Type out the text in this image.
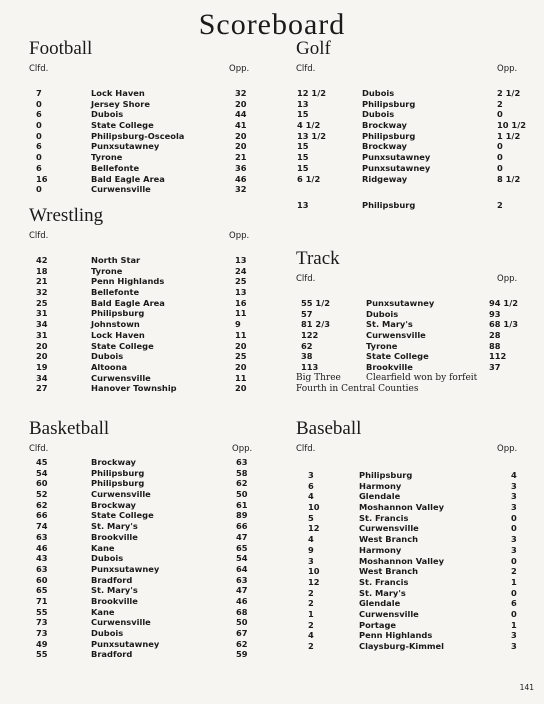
Scoreboard
Football
Clfd.	Opp.
7	Lock Haven	32
0	Jersey Shore	20
6	Dubois	44
0	State College	41
0	Philipsburg-Osceola	20
6	Punxsutawney	20
0	Tyrone	21
6	Bellefonte	36
16	Bald Eagle Area	46
0	Curwensville	32
Wrestling
Clfd.	Opp.
42	North Star	13
18	Tyrone	24
21	Penn Highlands	25
32	Bellefonte	13
25	Bald Eagle Area	16
31	Philipsburg	11
34	Johnstown	9
31	Lock Haven	11
20	State College	20
20	Dubois	25
19	Altoona	20
34	Curwensville	11
27	Hanover Township	20
Basketball
Clfd.	Opp.
45	Brockway	63
54	Philipsburg	58
60	Philipsburg	62
52	Curwensville	50
62	Brockway	61
66	State College	89
74	St. Mary's	66
63	Brookville	47
46	Kane	65
43	Dubois	54
63	Punxsutawney	64
60	Bradford	63
65	St. Mary's	47
71	Brookville	46
55	Kane	68
73	Curwensville	50
73	Dubois	67
49	Punxsutawney	62
55	Bradford	59
Golf
Clfd.	Opp.
12 1/2	Dubois	2 1/2
13	Philipsburg	2
15	Dubois	0
4 1/2	Brockway	10 1/2
13 1/2	Philipsburg	1 1/2
15	Brockway	0
15	Punxsutawney	0
15	Punxsutawney	0
6 1/2	Ridgeway	8 1/2
13	Philipsburg	2
Track
Clfd.	Opp.
55 1/2	Punxsutawney	94 1/2
57	Dubois	93
81 2/3	St. Mary's	68 1/3
122	Curwensville	28
62	Tyrone	88
38	State College	112
113	Brookville	37
Big Three	Clearfield won by forfeit
Fourth in Central Counties
Baseball
Clfd.	Opp.
3	Philipsburg	4
6	Harmony	3
4	Glendale	3
10	Moshannon Valley	3
5	St. Francis	0
12	Curwensville	0
4	West Branch	3
9	Harmony	3
3	Moshannon Valley	0
10	West Branch	2
12	St. Francis	1
2	St. Mary's	0
2	Glendale	6
1	Curwensville	0
2	Portage	1
4	Penn Highlands	3
2	Claysburg-Kimmel	3
141
